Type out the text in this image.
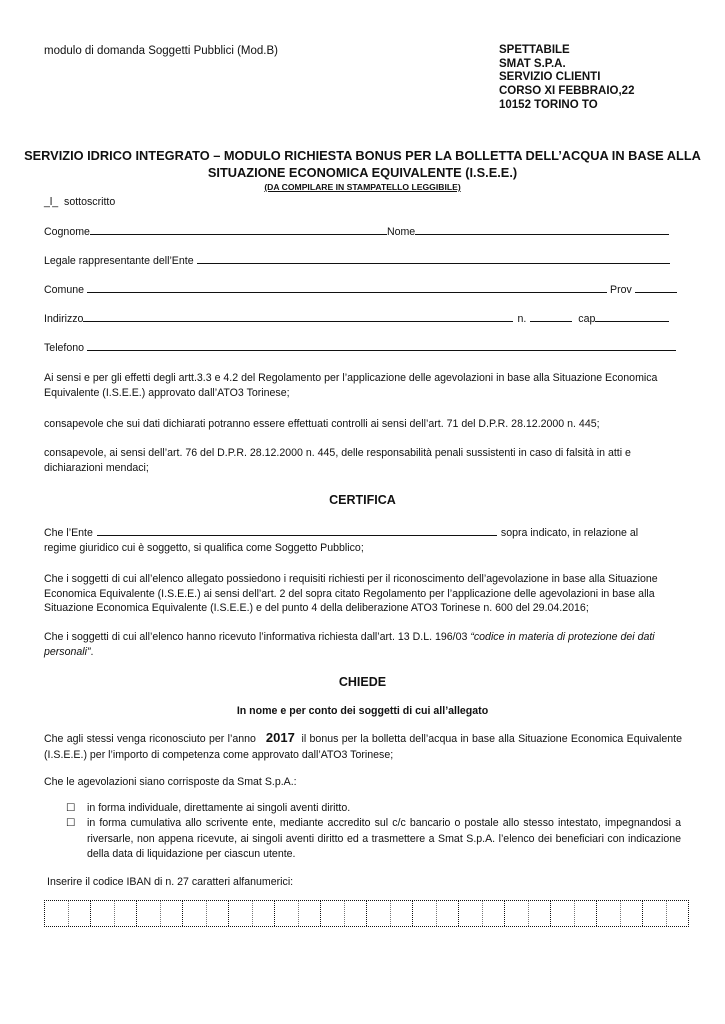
modulo di domanda Soggetti Pubblici (Mod.B)	SPETTABILE
SMAT S.P.A.
SERVIZIO CLIENTI
CORSO XI FEBBRAIO,22
10152 TORINO TO
SERVIZIO IDRICO INTEGRATO – MODULO RICHIESTA BONUS PER LA BOLLETTA DELL’ACQUA IN BASE ALLA
SITUAZIONE ECONOMICA EQUIVALENTE (I.S.E.E.)
(DA COMPILARE IN STAMPATELLO LEGGIBILE)
_l_  sottoscritto
Cognome	Nome
Legale rappresentante dell’Ente
Comune	Prov
Indirizzo	n.	cap
Telefono
Ai sensi e per gli effetti degli artt.3.3 e 4.2 del Regolamento per l’applicazione delle agevolazioni in base alla Situazione Economica Equivalente (I.S.E.E.) approvato dall’ATO3 Torinese;
consapevole che sui dati dichiarati potranno essere effettuati controlli ai sensi dell’art. 71 del D.P.R. 28.12.2000 n. 445;
consapevole, ai sensi dell’art. 76 del D.P.R. 28.12.2000 n. 445, delle responsabilità penali sussistenti in caso di falsità in atti e dichiarazioni mendaci;
CERTIFICA
Che l’Ente	sopra indicato, in relazione al
regime giuridico cui è soggetto, si qualifica come Soggetto Pubblico;
Che i soggetti di cui all’elenco allegato possiedono i requisiti richiesti per il riconoscimento dell’agevolazione in base alla Situazione Economica Equivalente (I.S.E.E.) ai sensi dell’art. 2 del sopra citato Regolamento per l’applicazione delle agevolazioni in base alla Situazione Economica Equivalente (I.S.E.E.) e del punto 4 della deliberazione ATO3 Torinese n. 600 del 29.04.2016;
Che i soggetti di cui all’elenco hanno ricevuto l’informativa richiesta dall’art. 13 D.L. 196/03 “codice in materia di protezione dei dati personali”.
CHIEDE
In nome e per conto dei soggetti di cui all’allegato
Che agli stessi venga riconosciuto per l’anno 2017 il bonus per la bolletta dell’acqua in base alla Situazione Economica Equivalente (I.S.E.E.) per l’importo di competenza come approvato dall’ATO3 Torinese;
Che le agevolazioni siano corrisposte da Smat S.p.A.:
☐ in forma individuale, direttamente ai singoli aventi diritto.
☐ in forma cumulativa allo scrivente ente, mediante accredito sul c/c bancario o postale allo stesso intestato, impegnandosi a riversarle, non appena ricevute, ai singoli aventi diritto ed a trasmettere a Smat S.p.A. l’elenco dei beneficiari con indicazione della data di liquidazione per ciascun utente.
Inserire il codice IBAN di n. 27 caratteri alfanumerici:
